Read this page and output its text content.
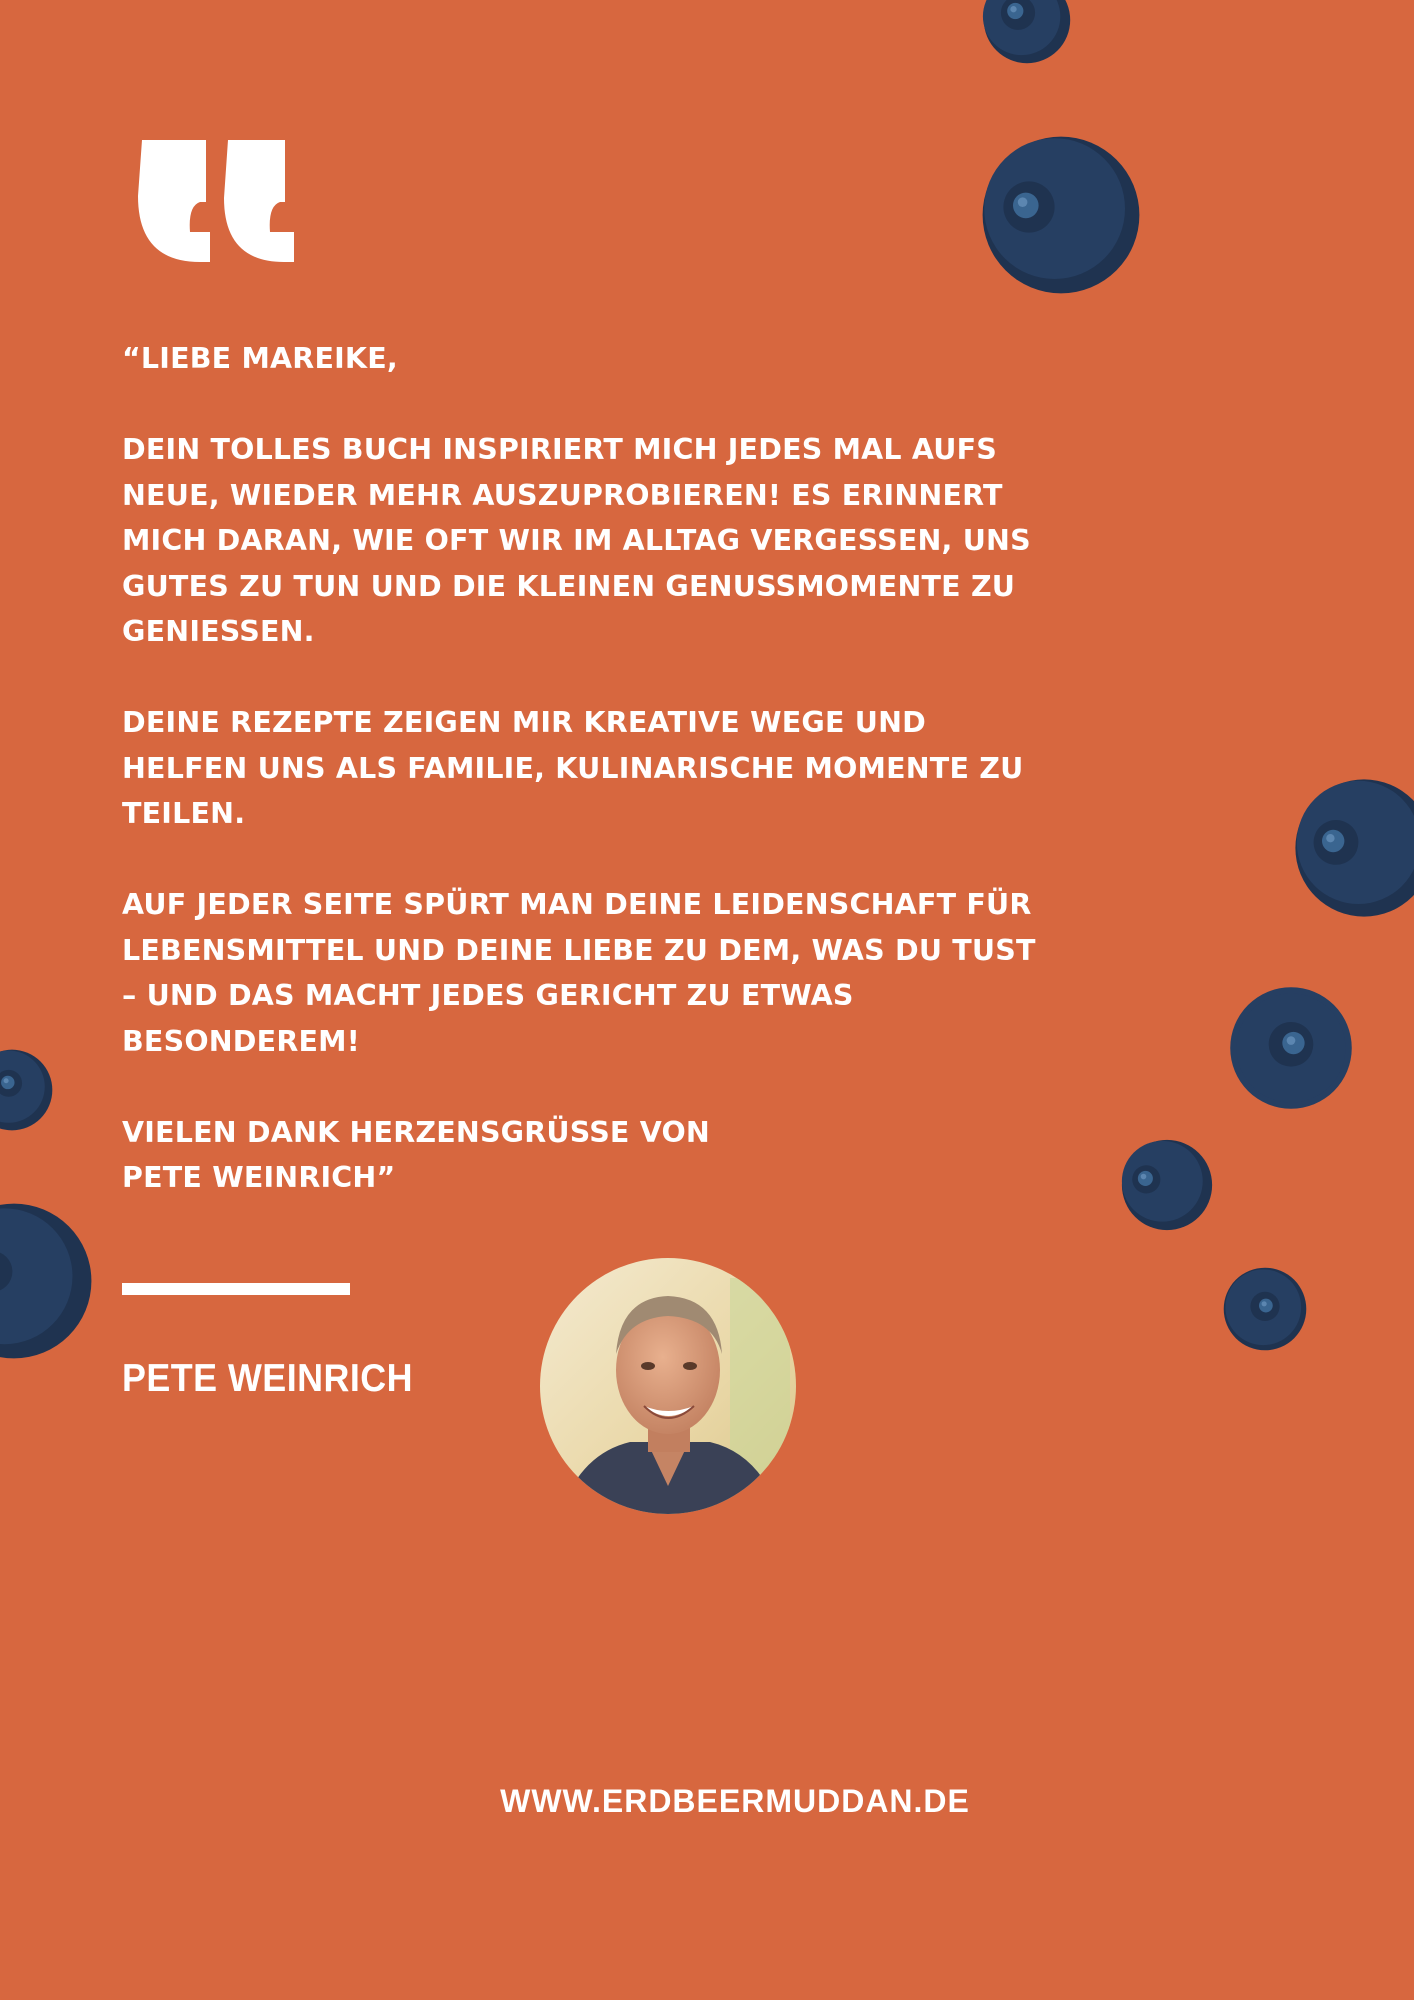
“LIEBE MAREIKE,

DEIN TOLLES BUCH INSPIRIERT MICH JEDES MAL AUFS NEUE, WIEDER MEHR AUSZUPROBIEREN! ES ERINNERT MICH DARAN, WIE OFT WIR IM ALLTAG VERGESSEN, UNS GUTES ZU TUN UND DIE KLEINEN GENUSSMOMENTE ZU GENIESSEN.

DEINE REZEPTE ZEIGEN MIR KREATIVE WEGE UND HELFEN UNS ALS FAMILIE, KULINARISCHE MOMENTE ZU TEILEN.

AUF JEDER SEITE SPÜRT MAN DEINE LEIDENSCHAFT FÜR LEBENSMITTEL UND DEINE LIEBE ZU DEM, WAS DU TUST – UND DAS MACHT JEDES GERICHT ZU ETWAS BESONDEREM!

VIELEN DANK HERZENSGRÜSSE VON
PETE WEINRICH”

PETE WEINRICH
WWW.ERDBEERMUDDAN.DE
